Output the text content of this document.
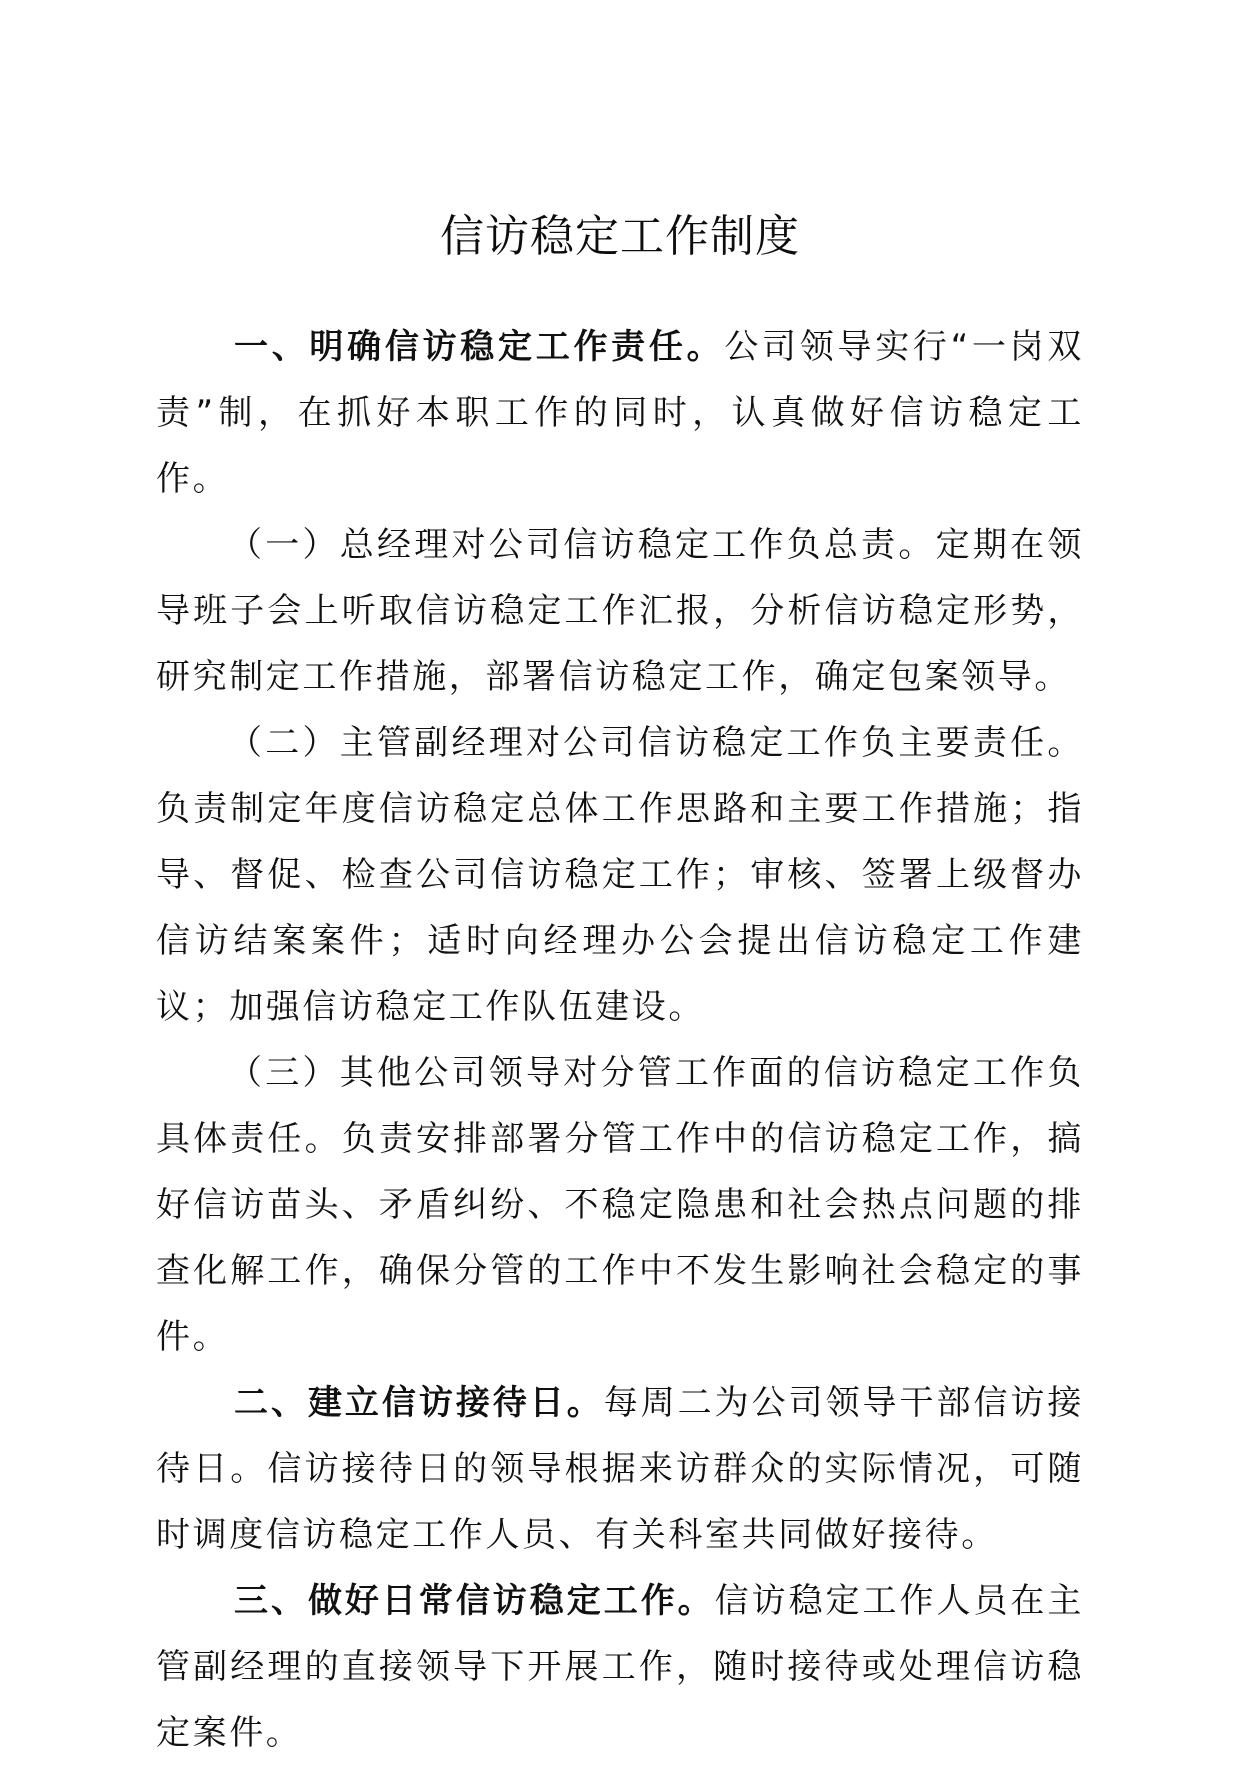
信访稳定工作制度

一、明确信访稳定工作责任。公司领导实行“一岗双责”制，在抓好本职工作的同时，认真做好信访稳定工作。

（一）总经理对公司信访稳定工作负总责。定期在领导班子会上听取信访稳定工作汇报，分析信访稳定形势，研究制定工作措施，部署信访稳定工作，确定包案领导。

（二）主管副经理对公司信访稳定工作负主要责任。负责制定年度信访稳定总体工作思路和主要工作措施；指导、督促、检查公司信访稳定工作；审核、签署上级督办信访结案案件；适时向经理办公会提出信访稳定工作建议；加强信访稳定工作队伍建设。

（三）其他公司领导对分管工作面的信访稳定工作负具体责任。负责安排部署分管工作中的信访稳定工作，搞好信访苗头、矛盾纠纷、不稳定隐患和社会热点问题的排查化解工作，确保分管的工作中不发生影响社会稳定的事件。

二、建立信访接待日。每周二为公司领导干部信访接待日。信访接待日的领导根据来访群众的实际情况，可随时调度信访稳定工作人员、有关科室共同做好接待。

三、做好日常信访稳定工作。信访稳定工作人员在主管副经理的直接领导下开展工作，随时接待或处理信访稳定案件。
